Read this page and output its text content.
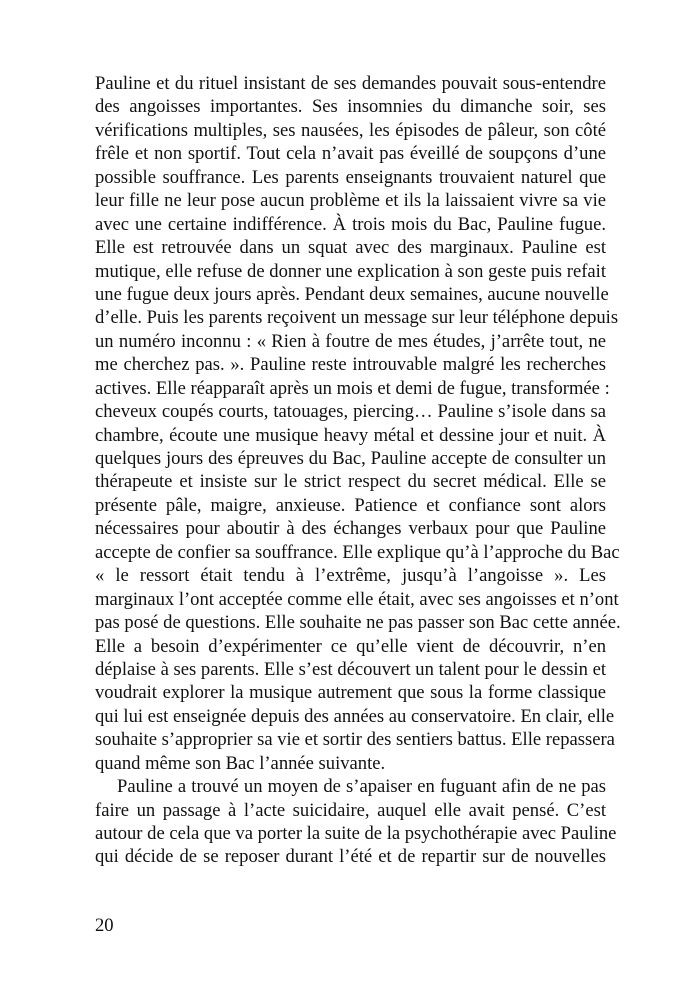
Pauline et du rituel insistant de ses demandes pouvait sous-entendre
des angoisses importantes. Ses insomnies du dimanche soir, ses
vérifications multiples, ses nausées, les épisodes de pâleur, son côté
frêle et non sportif. Tout cela n’avait pas éveillé de soupçons d’une
possible souffrance. Les parents enseignants trouvaient naturel que
leur fille ne leur pose aucun problème et ils la laissaient vivre sa vie
avec une certaine indifférence. À trois mois du Bac, Pauline fugue.
Elle est retrouvée dans un squat avec des marginaux. Pauline est
mutique, elle refuse de donner une explication à son geste puis refait
une fugue deux jours après. Pendant deux semaines, aucune nouvelle
d’elle. Puis les parents reçoivent un message sur leur téléphone depuis
un numéro inconnu : « Rien à foutre de mes études, j’arrête tout, ne
me cherchez pas. ». Pauline reste introuvable malgré les recherches
actives. Elle réapparaît après un mois et demi de fugue, transformée :
cheveux coupés courts, tatouages, piercing… Pauline s’isole dans sa
chambre, écoute une musique heavy métal et dessine jour et nuit. À
quelques jours des épreuves du Bac, Pauline accepte de consulter un
thérapeute et insiste sur le strict respect du secret médical. Elle se
présente pâle, maigre, anxieuse. Patience et confiance sont alors
nécessaires pour aboutir à des échanges verbaux pour que Pauline
accepte de confier sa souffrance. Elle explique qu’à l’approche du Bac
« le ressort était tendu à l’extrême, jusqu’à l’angoisse ». Les
marginaux l’ont acceptée comme elle était, avec ses angoisses et n’ont
pas posé de questions. Elle souhaite ne pas passer son Bac cette année.
Elle a besoin d’expérimenter ce qu’elle vient de découvrir, n’en
déplaise à ses parents. Elle s’est découvert un talent pour le dessin et
voudrait explorer la musique autrement que sous la forme classique
qui lui est enseignée depuis des années au conservatoire. En clair, elle
souhaite s’approprier sa vie et sortir des sentiers battus. Elle repassera
quand même son Bac l’année suivante.
Pauline a trouvé un moyen de s’apaiser en fuguant afin de ne pas
faire un passage à l’acte suicidaire, auquel elle avait pensé. C’est
autour de cela que va porter la suite de la psychothérapie avec Pauline
qui décide de se reposer durant l’été et de repartir sur de nouvelles
20
